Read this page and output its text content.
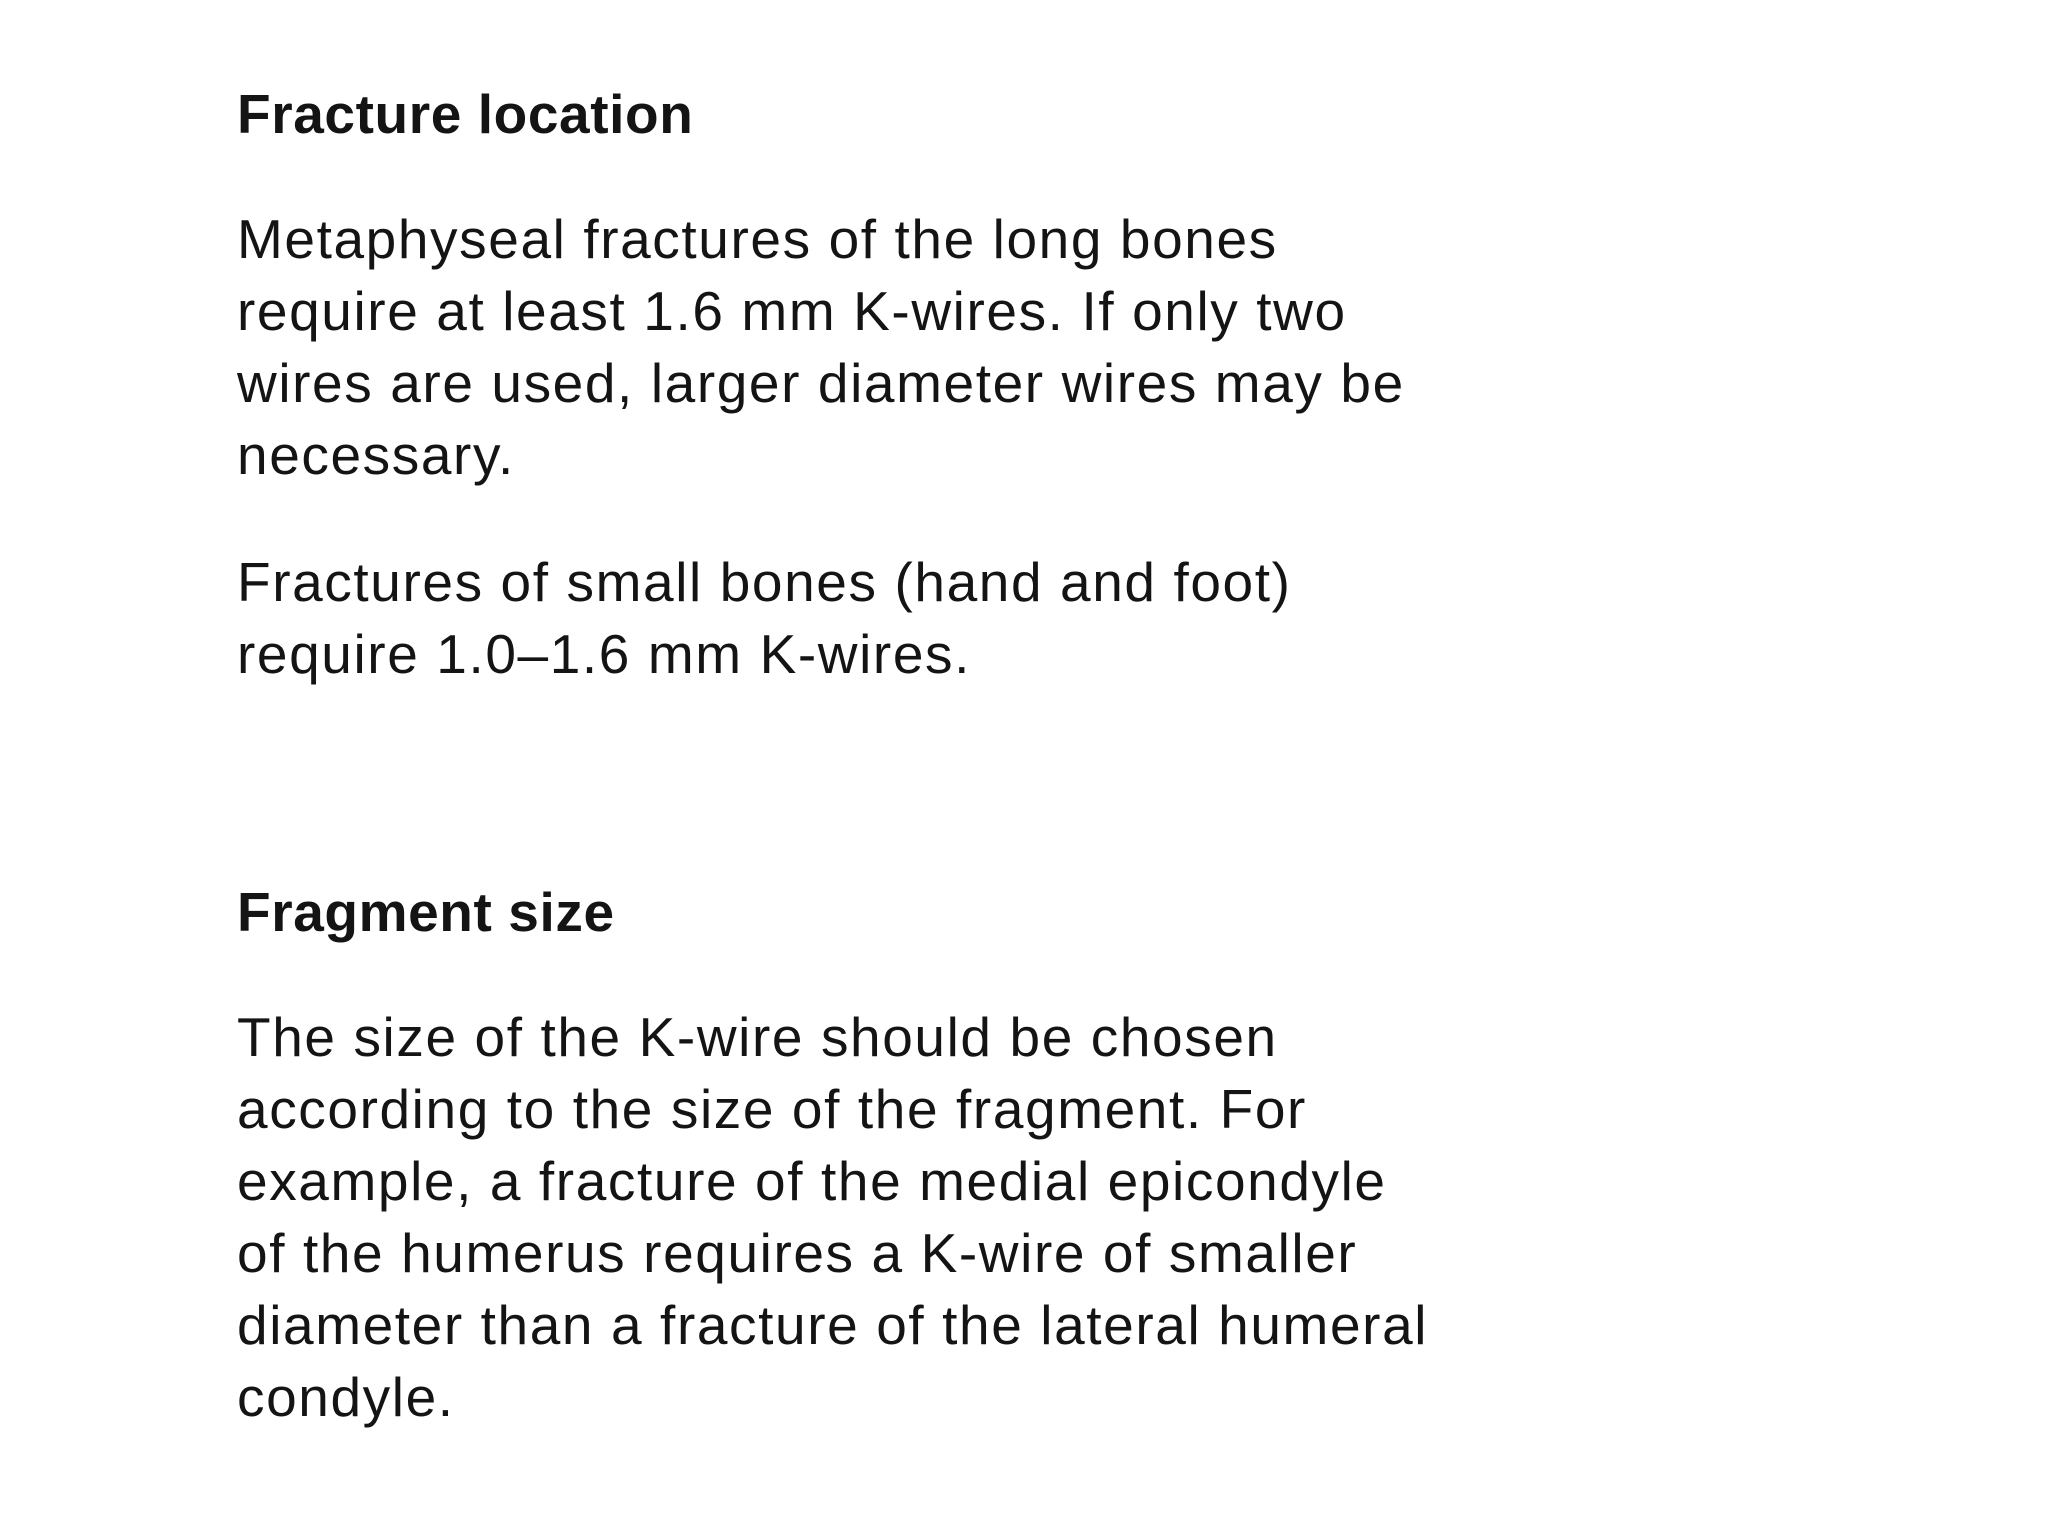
Fracture location

Metaphyseal fractures of the long bones
require at least 1.6 mm K-wires. If only two
wires are used, larger diameter wires may be
necessary.

Fractures of small bones (hand and foot)
require 1.0–1.6 mm K-wires.

Fragment size

The size of the K-wire should be chosen
according to the size of the fragment. For
example, a fracture of the medial epicondyle
of the humerus requires a K-wire of smaller
diameter than a fracture of the lateral humeral
condyle.
